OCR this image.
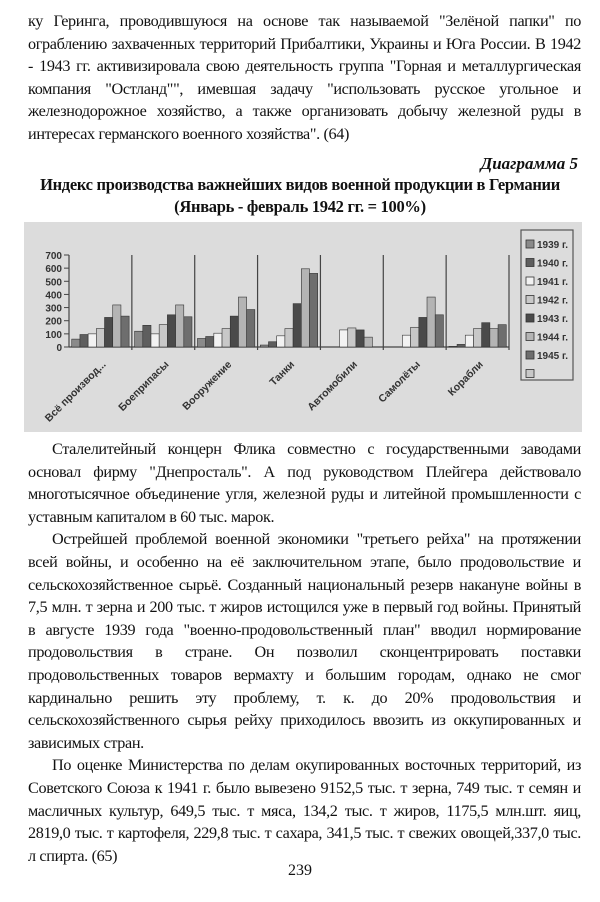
ку Геринга, проводившуюся на основе так называемой "Зелёной папки" по ограблению захваченных территорий Прибалтики, Украины и Юга России. В 1942 - 1943 гг. активизировала свою деятельность группа "Горная и металлургическая компания "Остланд"", имевшая задачу "использовать русское угольное и железнодорожное хозяйство, а также организовать добычу железной руды в интересах германского военного хозяйства". (64)

Диаграмма 5
Индекс производства важнейших видов военной продукции в Германии
(Январь - февраль 1942 гг. = 100%)
0
100
200
300
400
500
600
700
Всё производ... Боеприпасы Вооружение	Танки Автомобили Самолёты Корабли
1939 г.
1940 г.
1941 г.
1942 г.
1943 г.
1944 г.
1945 г.

Сталелитейный концерн Флика совместно с государственными заводами основал фирму "Днепросталь". А под руководством Плейгера действовало многотысячное объединение угля, железной руды и литейной промышленности с уставным капиталом в 60 тыс. марок.

Острейшей проблемой военной экономики "третьего рейха" на протяжении всей войны, и особенно на её заключительном этапе, было продовольствие и сельскохозяйственное сырьё. Созданный национальный резерв накануне войны в 7,5 млн. т зерна и 200 тыс. т жиров истощился уже в первый год войны. Принятый в августе 1939 года "военно-продовольственный план" вводил нормирование продовольствия в стране. Он позволил сконцентрировать поставки продовольственных товаров вермахту и большим городам, однако не смог кардинально решить эту проблему, т. к. до 20% продовольствия и сельскохозяйственного сырья рейху приходилось ввозить из оккупированных и зависимых стран.

По оценке Министерства по делам окупированных восточных территорий, из Советского Союза к 1941 г. было вывезено 9152,5 тыс. т зерна, 749 тыс. т семян и масличных культур, 649,5 тыс. т мяса, 134,2 тыс. т жиров, 1175,5 млн.шт. яиц, 2819,0 тыс. т картофеля, 229,8 тыс. т сахара, 341,5 тыс. т свежих овощей,337,0 тыс. л спирта. (65)

239
